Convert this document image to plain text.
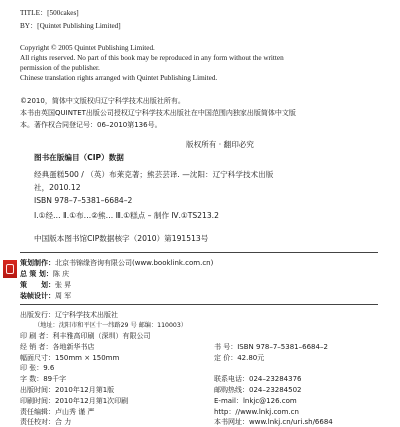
TITLE：[500cakes]
BY：[Quintet Publishing Limited]
Copyright © 2005 Quintet Publishing Limited.
All rights reserved. No part of this book may be reproduced in any form without the written
permission of the publisher.
Chinese translation rights arranged with Quintet Publishing Limited.
©2010，简体中文版权归辽宁科学技术出版社所有。
本书由英国QUINTET出版公司授权辽宁科学技术出版社在中国范围内独家出版简体中文版
本。著作权合同登记号：06–2010第136号。
版权所有 · 翻印必究
图书在版编目（CIP）数据
经典蛋糕500 / （英）布莱克著；熊芸芸译. —沈阳：辽宁科学技术出版
社，2010.12
ISBN 978–7–5381–6684–2
Ⅰ.①经… Ⅱ.①布…②熊… Ⅲ.①糕点 – 制作 Ⅳ.①TS213.2
中国版本图书馆CIP数据核字（2010）第191513号
策划制作：北京书锦缘咨询有限公司(www.booklink.com.cn)
总 策 划：陈 庆
策　　划：张 昇
装帧设计：周 军
出版发行：辽宁科学技术出版社
（地址：沈阳市和平区十一纬路29 号 邮编：110003）
印 刷 者：利丰雅高印刷（深圳）有限公司
经 销 者：各地新华书店
幅面尺寸：150mm × 150mm
印 张：9.6
字 数：89千字
出版时间：2010年12月第1版
印刷时间：2010年12月第1次印刷
责任编辑：卢山秀 谨 严
责任校对：合 力
书 号：ISBN 978–7–5381–6684–2
定 价：42.80元
联系电话：024–23284376
邮购热线：024–23284502
E-mail：lnkjc@126.com
http：//www.lnkj.com.cn
本书网址：www.lnkj.cn/uri.sh/6684
